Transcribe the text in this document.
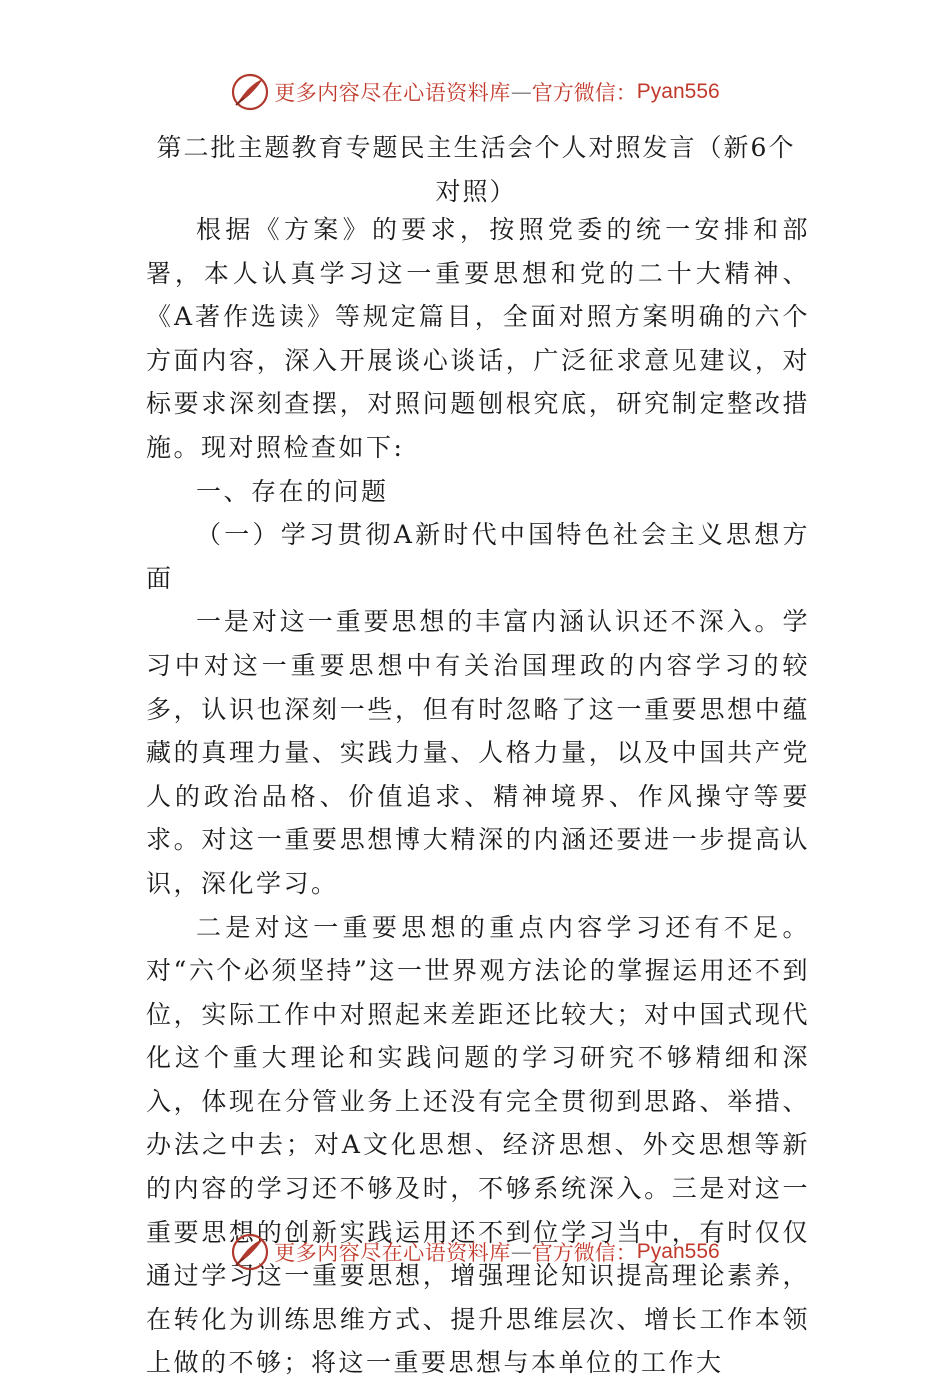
更多内容尽在心语资料库 — 官方微信： Pyan556
第二批主题教育专题民主生活会个人对照发言（新6个对照）

根据《方案》的要求，按照党委的统一安排和部署，本人认真学习这一重要思想和党的二十大精神、《A著作选读》等规定篇目，全面对照方案明确的六个方面内容，深入开展谈心谈话，广泛征求意见建议，对标要求深刻查摆，对照问题刨根究底，研究制定整改措施。现对照检查如下:

一、存在的问题

（一）学习贯彻A新时代中国特色社会主义思想方面

一是对这一重要思想的丰富内涵认识还不深入。学习中对这一重要思想中有关治国理政的内容学习的较多，认识也深刻一些，但有时忽略了这一重要思想中蕴藏的真理力量、实践力量、人格力量，以及中国共产党人的政治品格、价值追求、精神境界、作风操守等要求。对这一重要思想博大精深的内涵还要进一步提高认识，深化学习。

二是对这一重要思想的重点内容学习还有不足。对“六个必须坚持”这一世界观方法论的掌握运用还不到位，实际工作中对照起来差距还比较大；对中国式现代化这个重大理论和实践问题的学习研究不够精细和深入，体现在分管业务上还没有完全贯彻到思路、举措、办法之中去；对A文化思想、经济思想、外交思想等新的内容的学习还不够及时，不够系统深入。三是对这一重要思想的创新实践运用还不到位学习当中，有时仅仅通过学习这一重要思想，增强理论知识提高理论素养，在转化为训练思维方式、提升思维层次、增长工作本领上做的不够；将这一重要思想与本单位的工作大

更多内容尽在心语资料库 — 官方微信： Pyan556
